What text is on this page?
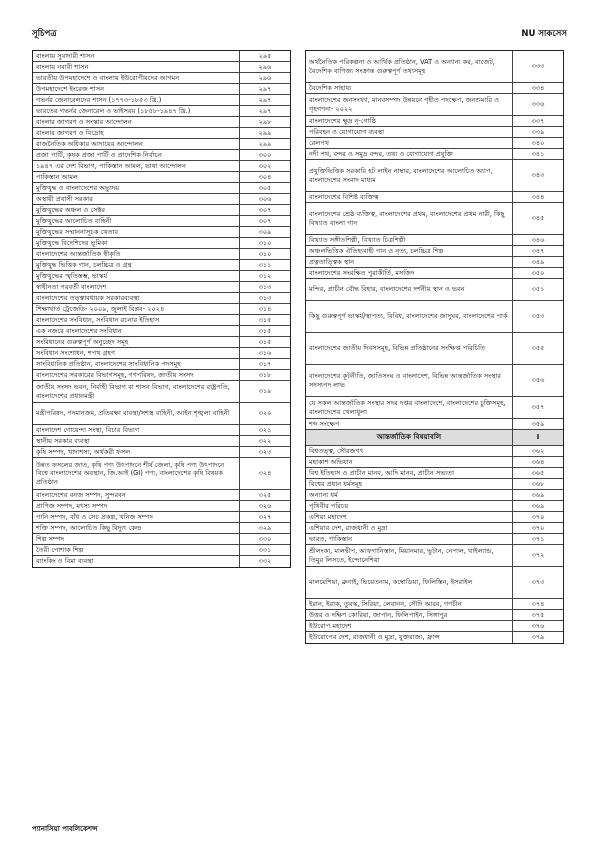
সূচিপত্র	NU সাকসেস
বাংলায় সুবাদারী শাসন	২৯৫
বাংলায় নবাবী শাসন	২৯৬
ভারতীয় উপমহাদেশে ও বাংলায় ইউরোপীয়দের আগমন	২৯৬
উপমহাদেশে ইংরেজ শাসন	২৯৭
গভর্নর জেনারেলদের শাসন (১৭৭৩-১৮৫৩ খ্রি.)	২৯৭
ভারতের গভর্নর জেনারেল ও ভাইসরয় (১৮৫৮-১৯৪৭ খ্রি.)	২৯৭
বাংলার জাগরণ ও সংস্কার আন্দোলন	২৯৮
বাংলার জাগরণ ও বিদ্রোহ	২৯৯
রাজনৈতিক অধিকার আদায়ের আন্দোলন	২৯৯
প্রজা পার্টি, কৃষক প্রজা পার্টি ও প্রাদেশিক নির্বাচন	৩০০
১৯৪৭ এর দেশ বিভাগ, পাকিস্তান আমল, ভাষা আন্দোলন	৩০২
পাকিস্তান আমল	৩০৪
মুক্তিযুদ্ধ ও বাংলাদেশের অভ্যুদয়	৩০৫
অস্থায়ী প্রবাসী সরকার	৩০৬
মুক্তিযুদ্ধের অঞ্চল ও সেক্টর	৩০৭
মুক্তিযুদ্ধের আলোচিত বাহিনী	৩০৭
মুক্তিযুদ্ধের সম্মাননাসূচক খেতাব	৩০৯
মুক্তিযুদ্ধে বিদেশিদের ভূমিকা	৩১০
বাংলাদেশের আন্তর্জাতিক স্বীকৃতি	৩১০
মুক্তিযুদ্ধ ভিত্তিক গান, চলচ্চিত্র ও গ্রন্থ	৩১১
মুক্তিযুদ্ধের স্মৃতিস্তম্ভ, ভাস্কর্য	৩১২
স্বাধীনতা পরবর্তী বাংলাদেশ	৩১৩
বাংলাদেশের তত্ত্বাবধায়ক সরকারব্যবস্থা	৩১৩
শিক্ষাখাত ট্রেজেডি- ২০০৯, জুলাই বিপ্লব- ২০২৪	৩১৪
বাংলাদেশের সংবিধান, সংবিধান রচনার ইতিহাস	৩১৫
এক নজরে বাংলাদেশের সংবিধান	৩১৫
সংবিধানের গুরুত্বপূর্ণ অনুচ্ছেদ সমূহ	৩১৫
সংবিধান সংশোধন, শপথ গ্রহণ	৩১৬
সাংবিধানিক প্রতিষ্ঠান, বাংলাদেশের সাংবিধানিক পদসমূহ	৩১৭
বাংলাদেশের সরকারের বিভাগসমূহ, গণপরিষদ, জাতীয় সংসদ	৩১৮
জাতীয় সংসদ ভবন, নির্বাহী বিভাগ বা শাসন বিভাগ, বাংলাদেশের রাষ্ট্রপতি, বাংলাদেশের প্রধানমন্ত্রী
৩১৯
মন্ত্রীপরিষদ, পদমানক্রম, প্রতিরক্ষা ব্যবস্থা/সশস্ত্র বাহিনী, আইন শৃঙ্খলা বাহিনী	৩২০
বাংলাদেশ গোয়েন্দা সংস্থা, বিচার বিভাগ	৩২১
স্থানীয় সরকার ব্যবস্থা	৩২২
কৃষি সম্পদ, খাদ্যশস্য, অর্থকরী ফসল	৩২৩
উন্নত ফসলের জাত, কৃষি পণ্য উৎপাদনে শীর্ষ জেলা, কৃষি পণ্য উৎপাদনে বিশ্বে বাংলাদেশের অবস্থান, জি.আই (GI) পণ্য, বাংলাদেশের কৃষি বিষয়ক প্রতিষ্ঠান
৩২৪
বাংলাদেশের বনজ সম্পদ, সুন্দরবন	৩২৫
প্রাণিজ সম্পদ, মৎস্য সম্পদ	৩২৬
পানি সম্পদ, বাঁধ ও সেচ প্রকল্প, খনিজ সম্পদ	৩২৭
শক্তি সম্পদ, আলোচিত কিছু বিদ্যুৎ কেন্দ্র	৩২৯
শিল্প সম্পদ	৩৩০
তৈরী পোশাক শিল্প	৩৩১
ব্যাংকিং ও বিমা ব্যবস্থা	৩৩২
অর্থনৈতিক পরিকল্পনা ও আর্থিক প্রতিষ্ঠান, VAT ও অন্যান্য কর, বাজেট, বৈদেশিক বাণিজ্য সংক্রান্ত গুরুত্বপূর্ণ তথ্যসমূহ
৩৩৩
বৈদেশিক সাহায্য	৩৩৪
বাংলাদেশের জনসংখ্যা, মানবসম্পদ উন্নয়নে গৃহীত পদক্ষেপ, জনশুমারি ও গৃহগণনা- ২০২২
৩৩৬
বাংলাদেশের ক্ষুদ্র নৃ-গোষ্ঠি	৩৩৭
পরিবহন ও যোগাযোগ ব্যবস্থা	৩৩৯
রেলপথ	৩৪০
নদী পথ, বন্দর ও সমুদ্র বন্দর, তথ্য ও যোগাযোগ প্রযুক্তি	৩৪১
প্রযুক্তিভিত্তিক সরকারি হট লাইন নাম্বার, বাংলাদেশের আলোচিত অ্যাপ, বাংলাদেশের সংবাদ মাধ্যম
৩৪৩
বাংলাদেশের বিশিষ্ট ব্যক্তিত্ব	৩৪৪
বাংলাদেশের শ্রেষ্ঠ ব্যক্তিত্ব, বাংলাদেশের প্রথম, বাংলাদেশের প্রথম নারী, কিছু বিখ্যাত বাংলা গান
৩৪৫
বিখ্যাত সঙ্গীতশিল্পী, বিখ্যাত চিত্রশিল্পী	৩৪৬
অঞ্চলভিত্তিক ঐতিহ্যবাহী গান ও নৃত্য, চলচ্চিত্র শিল্প	৩৪৭
প্রত্নতাত্ত্বিক স্থান	৩৪৯
বাংলাদেশের সংরক্ষিত পুরাকীর্তি, মসজিদ	৩৫০
মন্দির, প্রাচীন বৌদ্ধ বিহার, বাংলাদেশের দর্শনীয় স্থান ও ভবন	৩৫১
কিছু গুরুত্বপূর্ণ ভাস্কর্য/স্থাপত্য, বিবিধ, বাংলাদেশের জাদুঘর, বাংলাদেশের পার্ক	৩৫৩
বাংলাদেশের জাতীয় দিবসসমূহ, বিভিন্ন প্রতিষ্ঠানের সংক্ষিপ্ত পরিচিতি	৩৫৫
বাংলাদেশের কূটনীতি, জাতিসংঘ ও বাংলাদেশ, বিভিন্ন আন্তর্জাতিক সংস্থার সদস্যপদ লাভ
৩৫৬
যে সকল আন্তর্জাতিক সংস্থার সদর দপ্তর বাংলাদেশে, বাংলাদেশের চুক্তিসমূহ, বাংলাদেশের খেলাধুলা
৩৫৭
শব্দ সংক্ষেপ	৩৫৯
আন্তর্জাতিক বিষয়াবলি	I
বিশ্বতত্ত্ব, সৌরজগৎ	৩৬২
মহাকাশ অভিযান	৩৬৪
বিশ্ব ইতিহাস ও প্রাচীন মানব, আদি মানব, প্রাচীন সভ্যতা	৩৬৫
বিশ্বের প্রধান ধর্মসমূহ	৩৬৮
অন্যান্য ধর্ম	৩৬৯
পৃথিবীর পরিচয়	৩৬৯
এশিয়া মহাদেশ	৩৭০
এশিয়ার দেশ, রাজধানী ও মুদ্রা	৩৭০
ভারত, পাকিস্তান	৩৭১
শ্রীলংকা, মালদ্বীপ, আফগানিস্তান, মিয়ানমার, ভুটান, নেপাল, থাইল্যান্ড, তিমুর লিসতে, ইন্দোনেশিয়া
৩৭২
মালয়েশিয়া, ব্রুনাই, ভিয়েতনাম, কম্বোডিয়া, ফিলিস্তিন, ইসরাইল	৩৭৩
ইরান, ইরাক, তুরস্ক, সিরিয়া, লেবানন, সৌদি আরব, গণচীন	৩৭৪
উত্তর ও দক্ষিণ কোরিয়া, জাপান, ফিলিপাইন, সিঙ্গাপুর	৩৭৫
ইউরোপ মহাদেশ	৩৭৬
ইউরোপের দেশ, রাজধানী ও মুদ্রা, যুক্তরাজ্য, ফ্রান্স	৩৭৯
প্যানাসিয়া পাবলিকেশন্স
